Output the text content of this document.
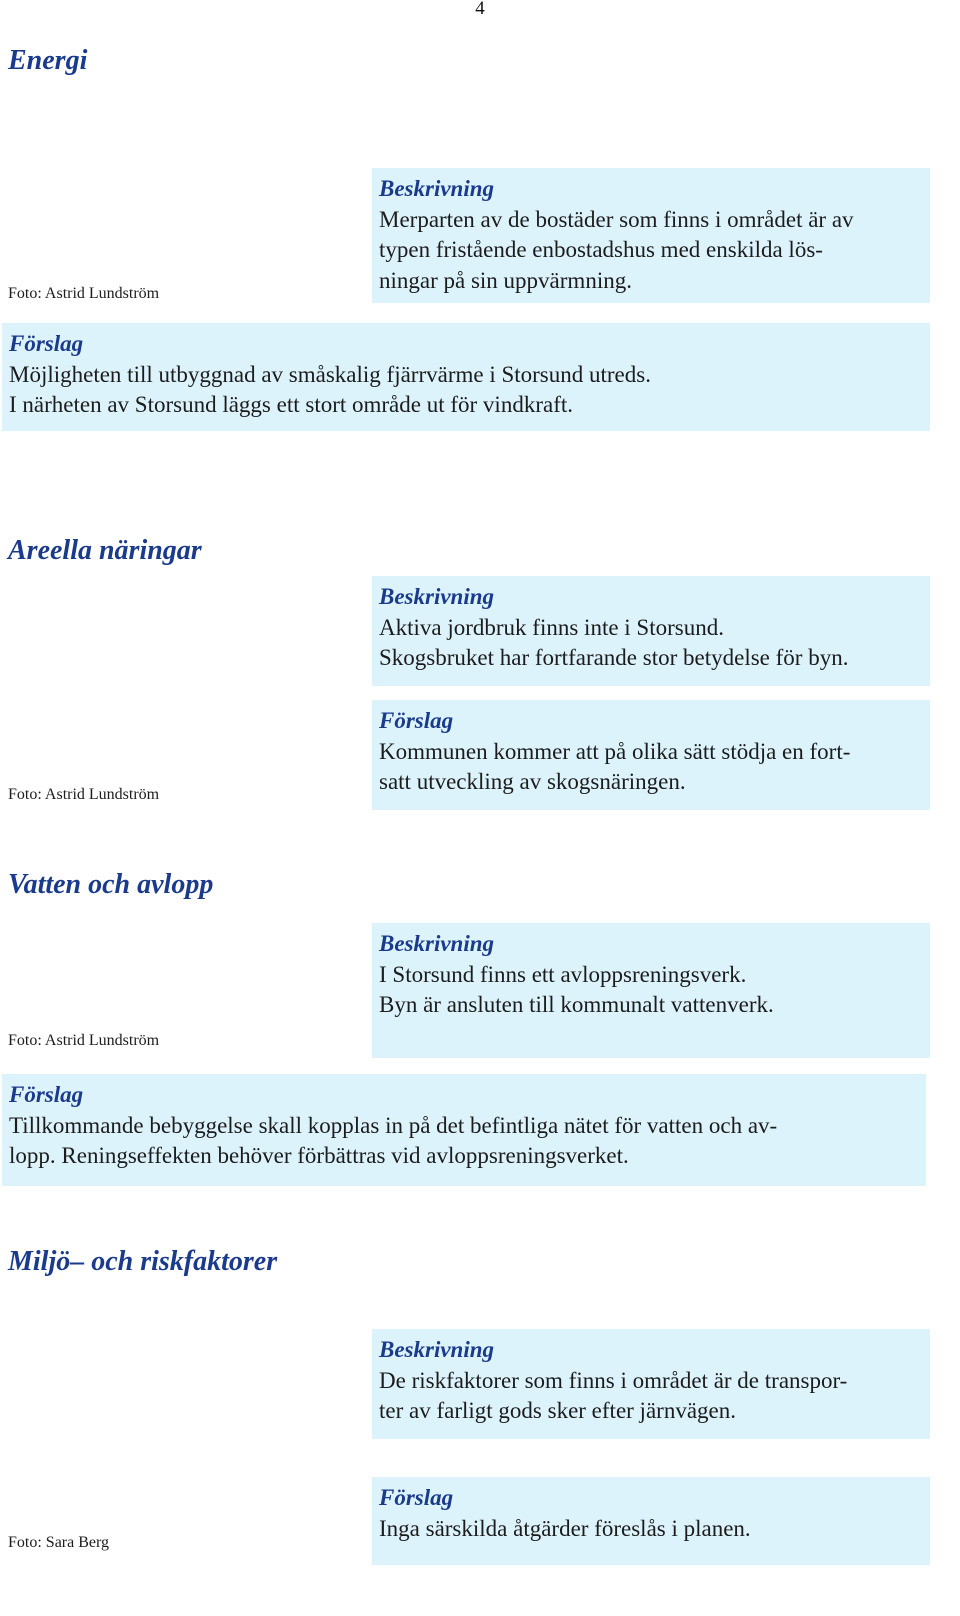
4
Energi
Foto: Astrid Lundström
Beskrivning
Merparten av de bostäder som finns i området är av
typen fristående enbostadshus med enskilda lös-
ningar på sin uppvärmning.
Förslag
Möjligheten till utbyggnad av småskalig fjärrvärme i Storsund utreds.
I närheten av Storsund läggs ett stort område ut för vindkraft.
Areella näringar
Foto: Astrid Lundström
Beskrivning
Aktiva jordbruk finns inte i Storsund.
Skogsbruket har fortfarande stor betydelse för byn.
Förslag
Kommunen kommer att på olika sätt stödja en fort-
satt utveckling av skogsnäringen.
Vatten och avlopp
Foto: Astrid Lundström
Beskrivning
I Storsund finns ett avloppsreningsverk.
Byn är ansluten till kommunalt vattenverk.
Förslag
Tillkommande bebyggelse skall kopplas in på det befintliga nätet för vatten och av-
lopp. Reningseffekten behöver förbättras vid avloppsreningsverket.
Miljö– och riskfaktorer
Foto: Sara Berg
Beskrivning
De riskfaktorer som finns i området är de transpor-
ter av farligt gods sker efter järnvägen.
Förslag
Inga särskilda åtgärder föreslås i planen.
